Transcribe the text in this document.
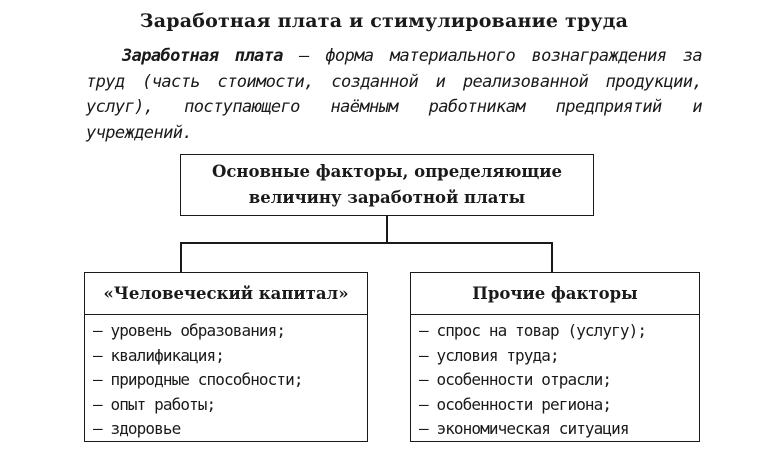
Заработная плата и стимулирование труда
Заработная плата — форма материального вознаграждения за труд (часть стоимости, созданной и реализованной продукции, услуг), поступающего наёмным работникам предприятий и учреждений.
Основные факторы, определяющие
величину заработной платы
«Человеческий капитал»
— уровень образования;
— квалификация;
— природные способности;
— опыт работы;
— здоровье
Прочие факторы
— спрос на товар (услугу);
— условия труда;
— особенности отрасли;
— особенности региона;
— экономическая ситуация
